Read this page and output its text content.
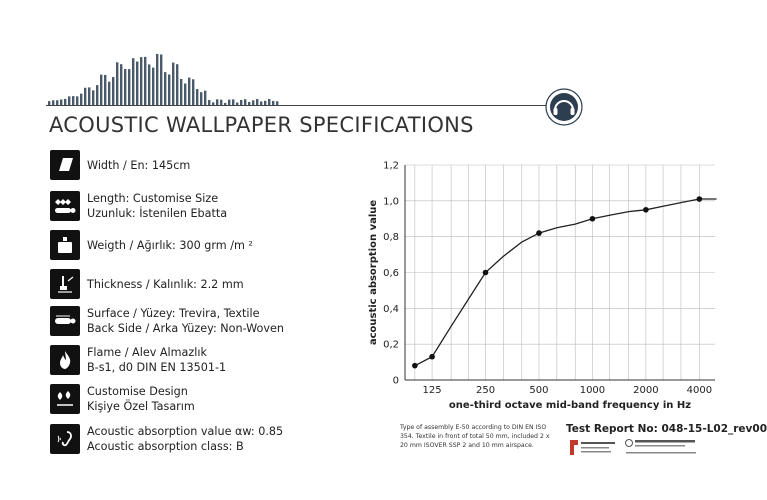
ACOUSTIC WALLPAPER SPECIFICATIONS
Width / En: 145cm
Length: Customise Size
Uzunluk: İstenilen Ebatta
Weigth / Ağırlık: 300 grm /m ²
Thickness / Kalınlık: 2.2 mm
Surface / Yüzey: Trevira, Textile
Back Side / Arka Yüzey: Non-Woven
Flame / Alev Almazlık
B-s1, d0 DIN EN 13501-1
Customise Design
Kişiye Özel Tasarım
Acoustic absorption value αw: 0.85
Acoustic absorption class: B
0
0,2
0,4
0,6
0,8
1,0
1,2
125	250	500	1000	2000	4000
one-third octave mid-band frequency in Hz
acoustic absorption value
Type of assembly E-50 according to DIN EN ISO 354. Textile in front of total 50 mm, included 2 x 20 mm ISOVER SSP 2 and 10 mm airspace.
Test Report No: 048-15-L02_rev00
